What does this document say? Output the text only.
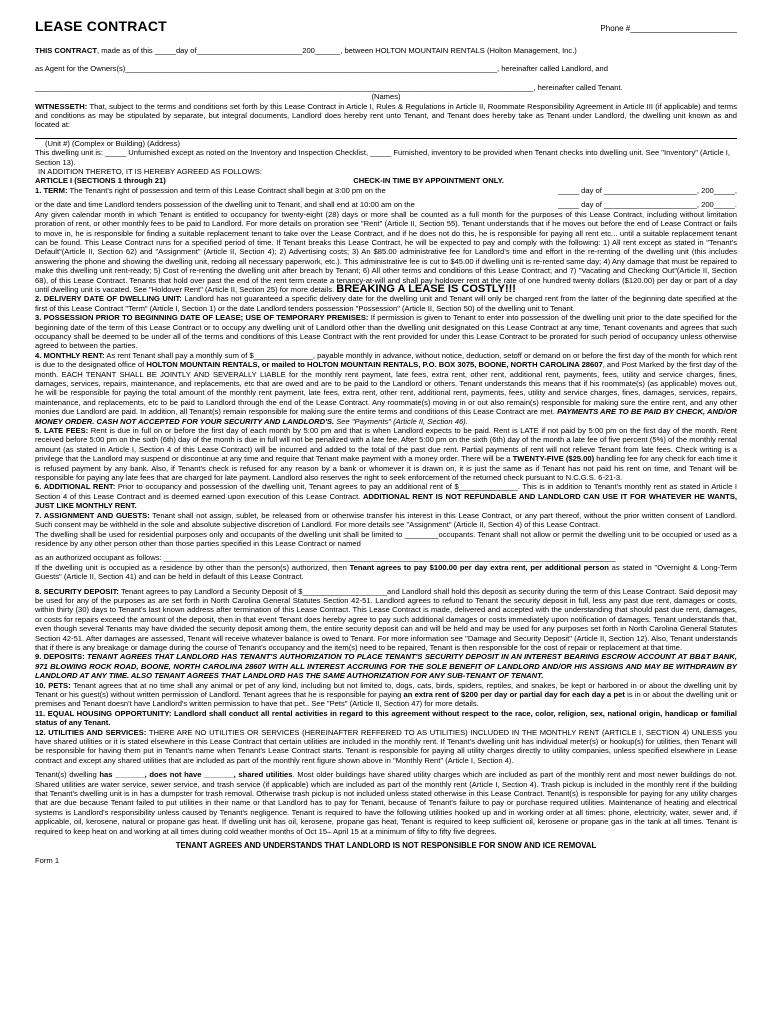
LEASE CONTRACT	Phone #________________________
THIS CONTRACT, made as of this _____day of_________________________200______, between HOLTON MOUNTAIN RENTALS (Holton Management, Inc.)
as Agent for the Owners(s)________________________________________________________________________________________, hereinafter called Landlord, and
______________________________________________________________________________________________________________________, hereinafter called Tenant.
(Names)
WITNESSETH: That, subject to the terms and conditions set forth by this Lease Contract in Article I, Rules & Regulations in Article II, Roommate Responsibility Agreement in Article III (if applicable) and terms and conditions as may be stipulated by separate, but integral documents, Landlord does hereby rent unto Tenant, and Tenant does hereby take as Tenant under Landlord, the dwelling unit known as and located at:
(Unit #) (Complex or Building) (Address)
This dwelling unit is: _____ Unfurnished except as noted on the Inventory and Inspection Checklist, _____ Furnished, inventory to be provided when Tenant checks into dwelling unit. See "Inventory" (Article I, Section 13).
IN ADDITION THERETO, IT IS HEREBY AGREED AS FOLLOWS:
ARTICLE I (SECTIONS 1 through 21)	CHECK-IN TIME BY APPOINTMENT ONLY.
1. TERM: The Tenant's right of possession and term of this Lease Contract shall begin at 3:00 pm on the	_____ day of ______________________, 200_____,
or the date and time Landlord tenders possession of the dwelling unit to Tenant, and shall end at 10:00 am on the	_____ day of ______________________, 200_____.
Any given calendar month in which Tenant is entitled to occupancy for twenty-eight (28) days or more shall be counted as a full month for the purposes of this Lease Contract, including without limitation proration of rent, or other monthly fees to be paid to Landlord. For more details on proration see "Rent" (Article II, Section 55). Tenant understands that if he moves out before the end of Lease Contract or fails to move in, he is responsible for finding a suitable replacement tenant to take over the Lease Contract, and if he does not do this, he is responsible for paying all rent etc... until a suitable replacement tenant can be found. This Lease Contract runs for a specified period of time. If Tenant breaks this Lease Contract, he will be expected to pay and comply with the following: 1) All rent except as stated in "Tenant's Default"(Article II, Section 62) and "Assignment" (Article II, Section 4); 2) Advertising costs; 3) An $85.00 administrative fee for Landlord's time and effort in the re-renting of the dwelling unit (this includes answering the phone and showing the dwelling unit, redoing all necessary paperwork, etc.). This administrative fee is cut to $45.00 if dwelling unit is re-rented same day; 4) Any damage that must be repaired to make this dwelling unit rent-ready; 5) Cost of re-renting the dwelling unit after breach by Tenant; 6) All other terms and conditions of this Lease Contract; and 7) "Vacating and Checking Out"(Article II, Section 68), of this Lease Contract. Tenants that hold over past the end of the rent term create a tenancy-at-will and shall pay holdover rent at the rate of one hundred twenty dollars ($120.00) per day or part of a day until dwelling unit is vacated. See "Holdover Rent" (Article II, Section 25) for more details. BREAKING A LEASE IS COSTLY!!!
2. DELIVERY DATE OF DWELLING UNIT: Landlord has not guaranteed a specific delivery date for the dwelling unit and Tenant will only be charged rent from the latter of the beginning date specified at the first of this Lease Contract "Term" (Article I, Section 1) or the date Landlord tenders possession "Possession" (Article II, Section 50) of the dwelling unit to Tenant.
3. POSSESSION PRIOR TO BEGINNING DATE OF LEASE; USE OF TEMPORARY PREMISES: If permission is given to Tenant to enter into possession of the dwelling unit prior to the date specified for the beginning date of the term of this Lease Contract or to occupy any dwelling unit of Landlord other than the dwelling unit designated on this Lease Contract at any time, Tenant covenants and agrees that such occupancy shall be deemed to be under all of the terms and conditions of this Lease Contract with the rent provided for under this Lease Contract to be prorated for such period of occupancy unless otherwise agreed to between the parties.
4. MONTHLY RENT: As rent Tenant shall pay a monthly sum of $______________, payable monthly in advance, without notice, deduction, setoff or demand on or before the first day of the month for which rent is due to the designated office of HOLTON MOUNTAIN RENTALS, or mailed to HOLTON MOUNTAIN RENTALS, P.O. BOX 3075, BOONE, NORTH CAROLINA 28607, and Post Marked by the first day of the month. EACH TENANT SHALL BE JOINTLY AND SEVERALLY LIABLE for the monthly rent payment, late fees, extra rent, other rent, additional rent, payments, fees, utility and service charges, fines, damages, services, repairs, maintenance, and replacements, etc that are owed and are to be paid to the Landlord or others. Tenant understands this means that if his roommate(s) (as applicable) moves out, he will be responsible for paying the total amount of the monthly rent payment, late fees, extra rent, other rent, additional rent, payments, fees, utility and service charges, fines, damages, services, repairs, maintenance, and replacements, etc to be paid to Landlord through the end of the Lease Contract. Any roommate(s) moving in or out also remain(s) responsible for making sure the entire rent, and any other monies due Landlord are paid. In addition, all Tenant(s) remain responsible for making sure the entire terms and conditions of this Lease Contract are met. PAYMENTS ARE TO BE PAID BY CHECK, AND/OR MONEY ORDER. CASH NOT ACCEPTED FOR YOUR SECURITY AND LANDLORD'S. See "Payments" (Article II, Section 46).
5. LATE FEES: Rent is due in full on or before the first day of each month by 5:00 pm and that is when Landlord expects to be paid. Rent is LATE if not paid by 5:00 pm on the first day of the month. Rent received before 5:00 pm on the sixth (6th) day of the month is due in full will not be penalized with a late fee. After 5:00 pm on the sixth (6th) day of the month a late fee of five percent (5%) of the monthly rental amount (as stated in Article I, Section 4 of this Lease Contract) will be incurred and added to the total of the past due rent. Partial payments of rent will not relieve Tenant from late fees. Check writing is a privilege that the Landlord may suspend or discontinue at any time and require that Tenant make payment with a money order. There will be a TWENTY-FIVE ($25.00) handling fee for any check for each time it is refused payment by any bank. Also, if Tenant's check is refused for any reason by a bank or whomever it is drawn on, it is just the same as if Tenant has not paid his rent on time, and Tenant will be responsible for paying any late fees that are charged for late payment. Landlord also reserves the right to seek enforcement of the returned check pursuant to N.C.G.S. 6-21-3.
6. ADDITIONAL RENT: Prior to occupancy and possession of the dwelling unit, Tenant agrees to pay an additional rent of $______________. This is in addition to Tenant's monthly rent as stated in Article I Section 4 of this Lease Contract and is deemed earned upon execution of this Lease Contract. ADDITIONAL RENT IS NOT REFUNDABLE AND LANDLORD CAN USE IT FOR WHATEVER HE WANTS, JUST LIKE MONTHLY RENT.
7. ASSIGNMENT AND GUESTS: Tenant shall not assign, sublet, be released from or otherwise transfer his interest in this Lease Contract, or any part thereof, without the prior written consent of Landlord. Such consent may be withheld in the sole and absolute subjective discretion of Landlord. For more details see "Assignment" (Article II, Section 4) of this Lease Contract.
The dwelling shall be used for residential purposes only and occupants of the dwelling unit shall be limited to ________occupants. Tenant shall not allow or permit the dwelling unit to be occupied or used as a residence by any other person other than those parties specified in this Lease Contract or named
as an authorized occupant as follows: ___________________________________________________________________________________________________________
If the dwelling unit is occupied as a residence by other than the person(s) authorized, then Tenant agrees to pay $100.00 per day extra rent, per additional person as stated in "Overnight & Long-Term Guests" (Article II, Section 41) and can be held in default of this Lease Contract.
8. SECURITY DEPOSIT: Tenant agrees to pay Landlord a Security Deposit of $____________________and Landlord shall hold this deposit as security during the term of this Lease Contract. Said deposit may be used for any of the purposes as are set forth in North Carolina General Statutes Section 42-51. Landlord agrees to refund to Tenant the security deposit in full, less any past due rent, damages or costs, within thirty (30) days to Tenant's last known address after termination of this Lease Contract. This Lease Contract is made, delivered and accepted with the understanding that should past due rent, damages, or costs for repairs exceed the amount of the deposit, then in that event Tenant does hereby agree to pay such additional damages or costs immediately upon notification of damages. Tenant understands that, even though several Tenants may have divided the security deposit among them, the entire security deposit can and will be held and may be used for any purposes set forth in North Carolina General Statutes Section 42-51. After damages are assessed, Tenant will receive whatever balance is owed to Tenant. For more information see "Damage and Security Deposit" (Article II, Section 12). Also, Tenant understands that if there is any breakage or damage during the course of Tenant's occupancy and the item(s) need to be repaired, Tenant is then responsible for the cost of repair or replacement at that time.
9. DEPOSITS: TENANT AGREES THAT LANDLORD HAS TENANT'S AUTHORIZATION TO PLACE TENANT'S SECURITY DEPOSIT IN AN INTEREST BEARING ESCROW ACCOUNT AT BB&T BANK, 971 BLOWING ROCK ROAD, BOONE, NORTH CAROLINA 28607 WITH ALL INTEREST ACCRUING FOR THE SOLE BENEFIT OF LANDLORD AND/OR HIS ASSIGNS AND MAY BE WITHDRAWN BY LANDLORD AT ANY TIME. ALSO TENANT AGREES THAT LANDLORD HAS THE SAME AUTHORIZATION FOR ANY SUB-TENANT OF TENANT.
10. PETS: Tenant agrees that at no time shall any animal or pet of any kind, including but not limited to, dogs, cats, birds, spiders, reptiles, and snakes, be kept or harbored in or about the dwelling unit by Tenant or his guest(s) without written permission of Landlord. Tenant agrees that he is responsible for paying an extra rent of $200 per day or partial day for each day a pet is in or about the dwelling unit or premises and Tenant doesn't have Landlord's written permission to have that pet.. See "Pets" (Article II, Section 47) for more details.
11. EQUAL HOUSING OPPORTUNITY: Landlord shall conduct all rental activities in regard to this agreement without respect to the race, color, religion, sex, national origin, handicap or familial status of any Tenant.
12. UTILITIES AND SERVICES: THERE ARE NO UTILITIES OR SERVICES (HEREINAFTER REFFERED TO AS UTILITIES) INCLUDED IN THE MONTHLY RENT (ARTICLE I, SECTION 4) UNLESS you have shared utilities or it is stated elsewhere in this Lease Contract that certain utilities are included in the monthly rent. If Tenant's dwelling unit has individual meter(s) or hookup(s) for utilities, then Tenant will be responsible for having them put in Tenant's name when Tenant's Lease Contract starts. Tenant is responsible for paying all utility charges directly to utility companies, unless specified elsewhere in Lease contract and except any shared utilities that are included as part of the monthly rent figure shown above in "Monthly Rent" (Article I, Section 4).
Tenant(s) dwelling has _______, does not have _______, shared utilities. Most older buildings have shared utility charges which are included as part of the monthly rent and most newer buildings do not. Shared utilities are water service, sewer service, and trash service (if applicable) which are included as part of the monthly rent (Article I, Section 4). Trash pickup is included in the monthly rent if the building that Tenant's dwelling unit is in has a dumpster for trash removal. Otherwise trash pickup is not included unless stated otherwise in this Lease Contract. Tenant(s) is responsible for paying for any utility charges that are due because Tenant failed to put utilities in their name or that Landlord has to pay for Tenant, because of Tenant's failure to pay or purchase required utilities. Maintenance of heating and electrical systems is Landlord's responsibility unless caused by Tenant's negligence. Tenant is required to have the following utilities hooked up and in working order at all times: phone, electricity, water, sewer and, if applicable, oil, kerosene, natural or propane gas heat. If dwelling unit has oil, kerosene, propane gas heat, Tenant is required to keep sufficient oil, kerosene or propane gas in the tank at all times. Tenant is required to keep heat on and working at all times during cold weather months of Oct 15– April 15 at a minimum of fifty to fifty five degrees.
TENANT AGREES AND UNDERSTANDS THAT LANDLORD IS NOT RESPONSIBLE FOR SNOW AND ICE REMOVAL
Form 1
